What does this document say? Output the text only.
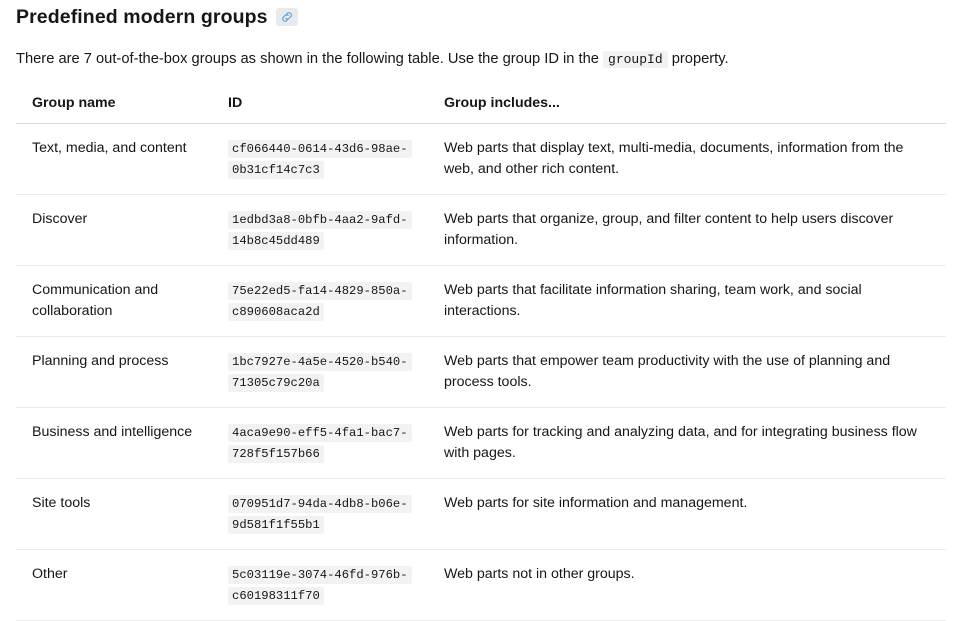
Predefined modern groups

There are 7 out-of-the-box groups as shown in the following table. Use the group ID in the groupId property.

Group name	ID	Group includes...
Text, media, and content	cf066440-0614-43d6-98ae-0b31cf14c7c3	Web parts that display text, multi-media, documents, information from the web, and other rich content.
Discover	1edbd3a8-0bfb-4aa2-9afd-14b8c45dd489	Web parts that organize, group, and filter content to help users discover information.
Communication and collaboration	75e22ed5-fa14-4829-850a-c890608aca2d	Web parts that facilitate information sharing, team work, and social interactions.
Planning and process	1bc7927e-4a5e-4520-b540-71305c79c20a	Web parts that empower team productivity with the use of planning and process tools.
Business and intelligence	4aca9e90-eff5-4fa1-bac7-728f5f157b66	Web parts for tracking and analyzing data, and for integrating business flow with pages.
Site tools	070951d7-94da-4db8-b06e-9d581f1f55b1	Web parts for site information and management.
Other	5c03119e-3074-46fd-976b-c60198311f70	Web parts not in other groups.
